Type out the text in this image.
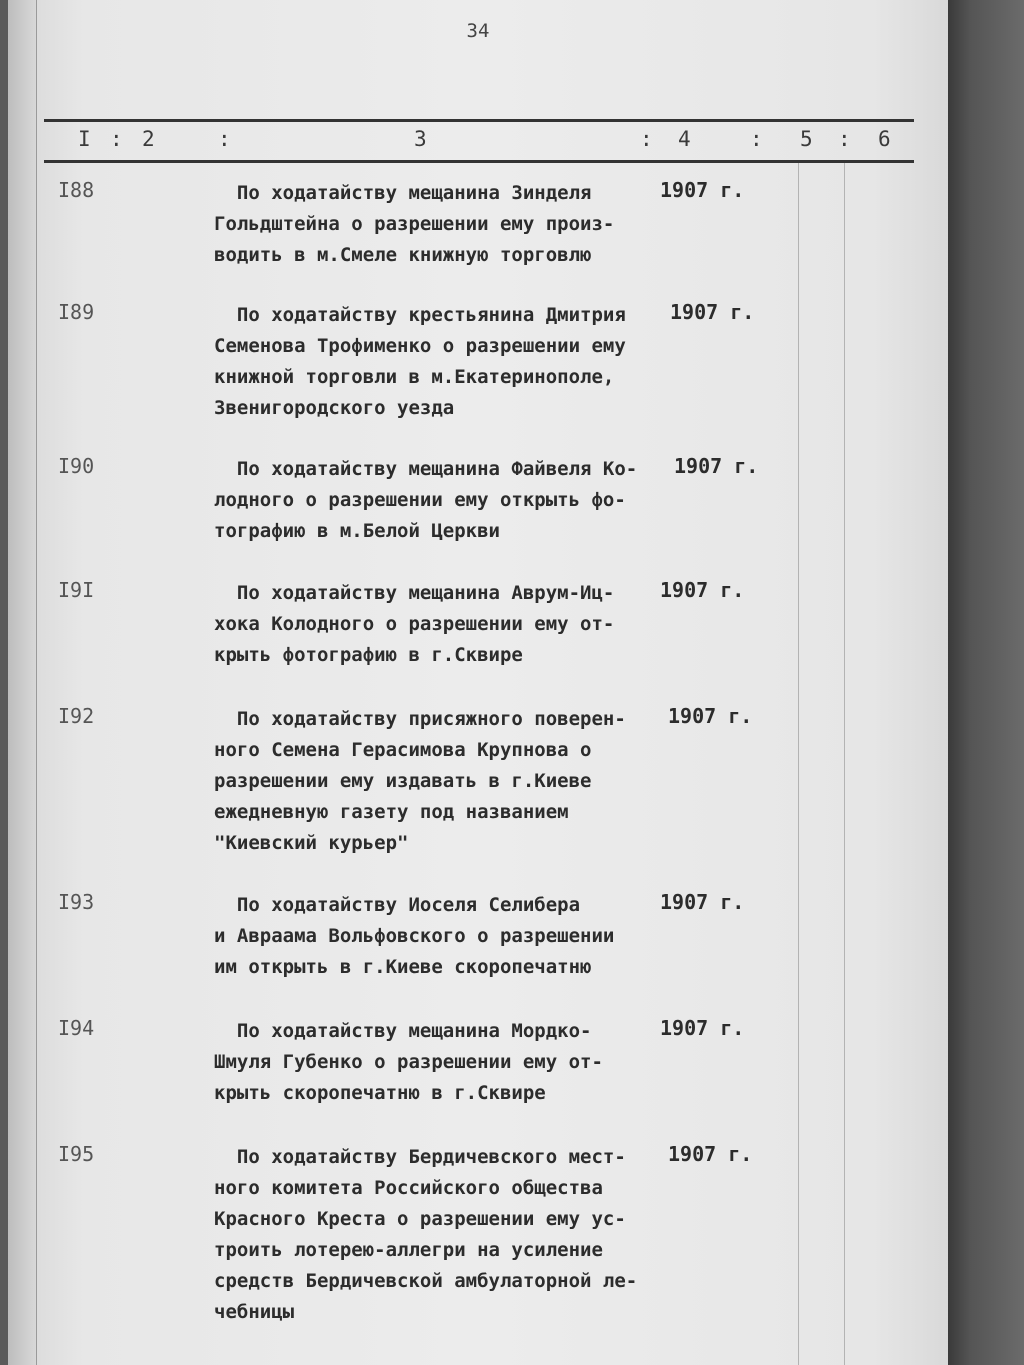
34
I : 2	:	3	: 4	: 5 : 6
I88	По ходатайству мещанина Зинделя
Гольдштейна о разрешении ему произ-
водить в м.Смеле книжную торговлю
1907 г.
I89	По ходатайству крестьянина Дмитрия
Семенова Трофименко о разрешении ему
книжной торговли в м.Екатеринополе,
Звенигородского уезда
1907 г.
I90	По ходатайству мещанина Файвеля Ко-
лодного о разрешении ему открыть фо-
тографию в м.Белой Церкви
1907 г.
I9I	По ходатайству мещанина Аврум-Иц-
хока Колодного о разрешении ему от-
крыть фотографию в г.Сквире
1907 г.
I92	По ходатайству присяжного поверен-
ного Семена Герасимова Крупнова о
разрешении ему издавать в г.Киеве
ежедневную газету под названием
"Киевский курьер"
1907 г.
I93	По ходатайству Иоселя Селибера
и Авраама Вольфовского о разрешении
им открыть в г.Киеве скоропечатню
1907 г.
I94	По ходатайству мещанина Мордко-
Шмуля Губенко о разрешении ему от-
крыть скоропечатню в г.Сквире
1907 г.
I95	По ходатайству Бердичевского мест-
ного комитета Российского общества
Красного Креста о разрешении ему ус-
троить лотерею-аллегри на усиление
средств Бердичевской амбулаторной ле-
чебницы
1907 г.
